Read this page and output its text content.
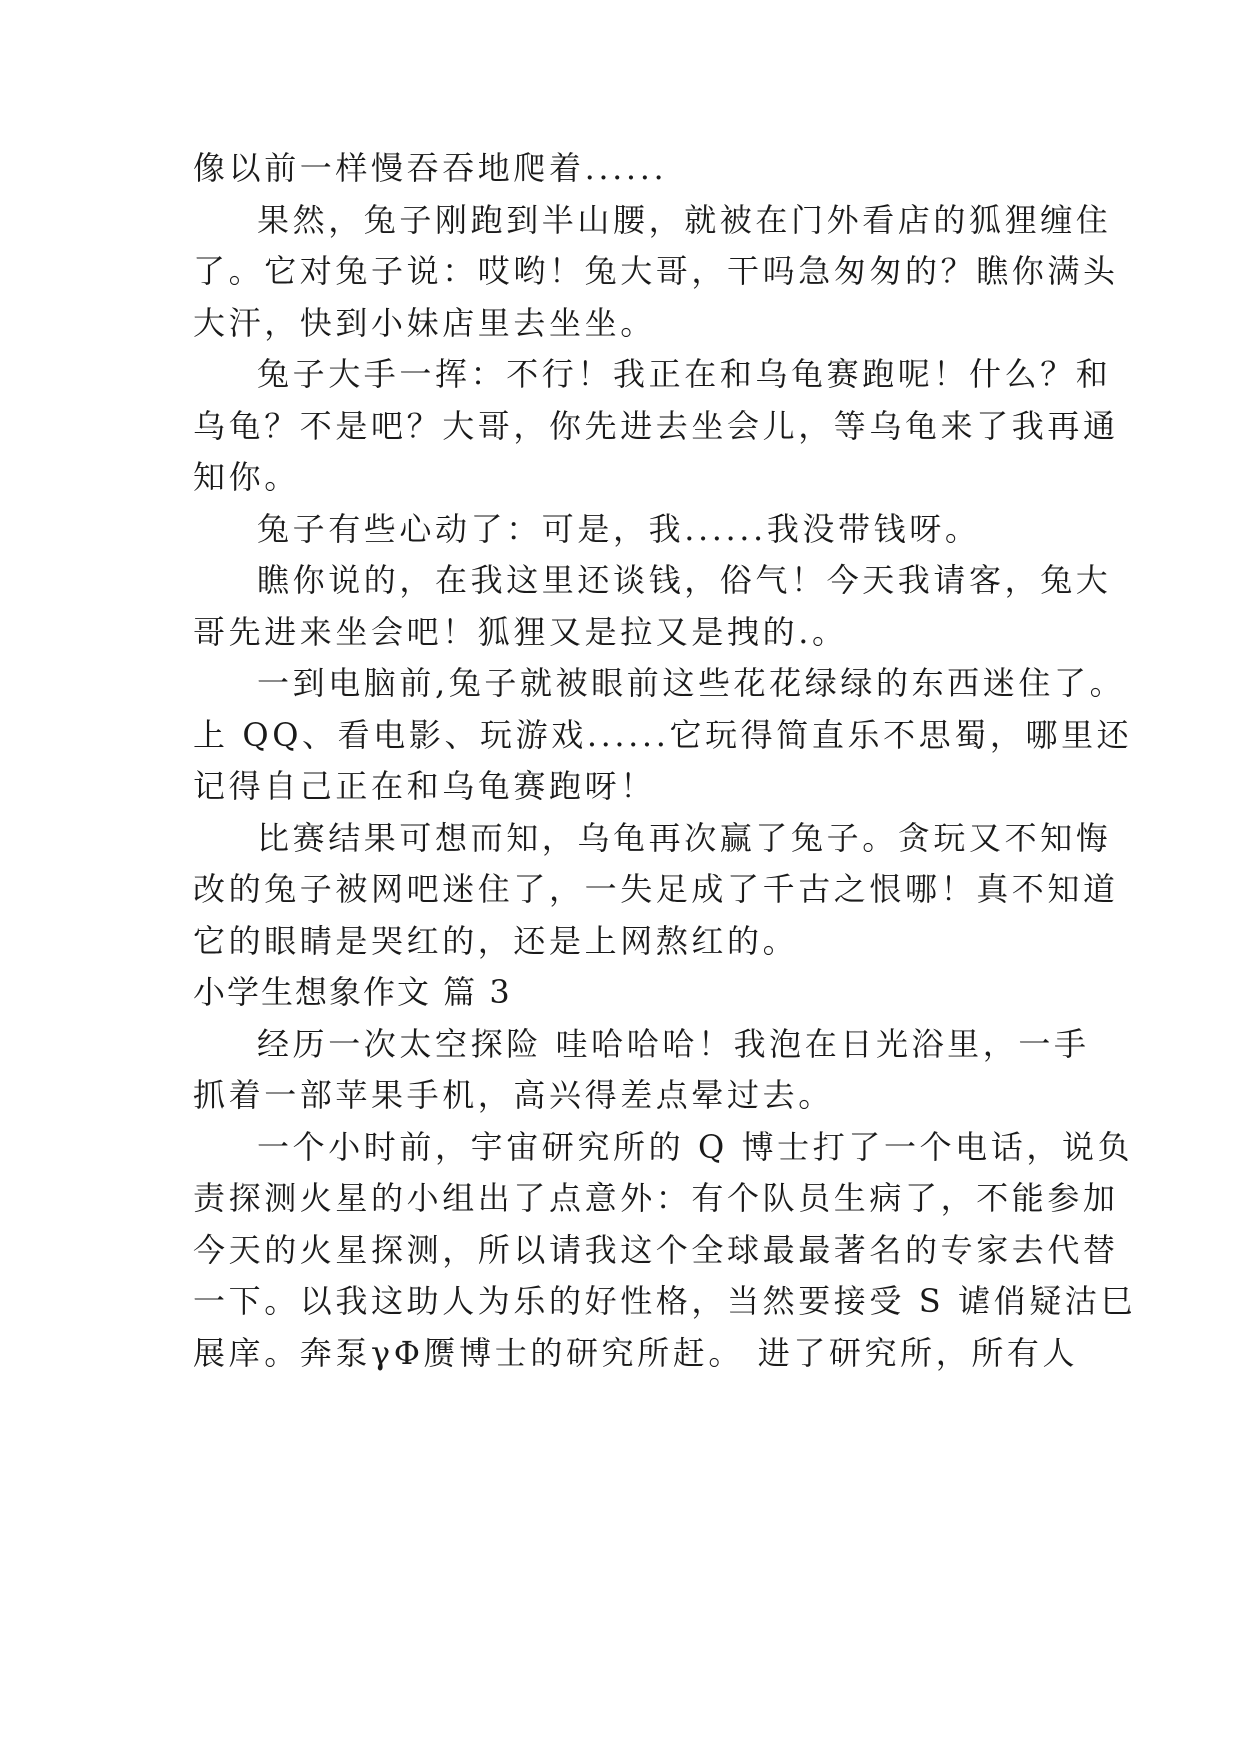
像以前一样慢吞吞地爬着......
果然，兔子刚跑到半山腰，就被在门外看店的狐狸缠住
了。它对兔子说：哎哟！兔大哥，干吗急匆匆的？瞧你满头
大汗，快到小妹店里去坐坐。
兔子大手一挥：不行！我正在和乌龟赛跑呢！什么？和
乌龟？不是吧？大哥，你先进去坐会儿，等乌龟来了我再通
知你。
兔子有些心动了：可是，我......我没带钱呀。
瞧你说的，在我这里还谈钱，俗气！今天我请客，兔大
哥先进来坐会吧！狐狸又是拉又是拽的.。
一到电脑前,兔子就被眼前这些花花绿绿的东西迷住了。
上 QQ、看电影、玩游戏......它玩得简直乐不思蜀，哪里还
记得自己正在和乌龟赛跑呀！
比赛结果可想而知，乌龟再次赢了兔子。贪玩又不知悔
改的兔子被网吧迷住了，一失足成了千古之恨哪！真不知道
它的眼睛是哭红的，还是上网熬红的。
小学生想象作文 篇 3
经历一次太空探险 哇哈哈哈！我泡在日光浴里，一手
抓着一部苹果手机，高兴得差点晕过去。
一个小时前，宇宙研究所的 Q 博士打了一个电话，说负
责探测火星的小组出了点意外：有个队员生病了，不能参加
今天的火星探测，所以请我这个全球最最著名的专家去代替
一下。以我这助人为乐的好性格，当然要接受 S 谑俏疑沽巳
展庠。奔泵γΦ赝博士的研究所赶。 进了研究所，所有人
